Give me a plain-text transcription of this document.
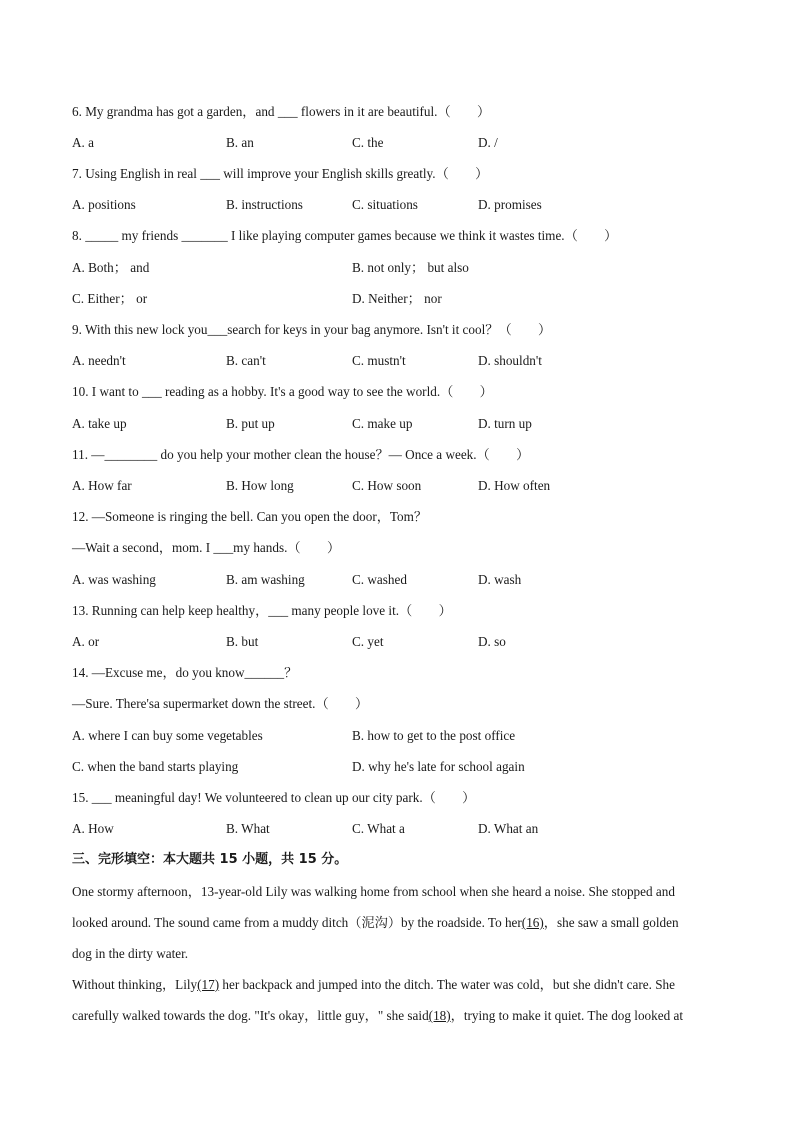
6. My grandma has got a garden，and ___ flowers in it are beautiful.（　　）
A. a	B. an	C. the	D. /
7. Using English in real ___ will improve your English skills greatly.（　　）
A. positions	B. instructions	C. situations	D. promises
8. _____ my friends _______ I like playing computer games because we think it wastes time.（　　）
A. Both； and	B. not only； but also
C. Either； or	D. Neither； nor
9. With this new lock you___search for keys in your bag anymore. Isn't it cool？（　　）
A. needn't	B. can't	C. mustn't	D. shouldn't
10. I want to ___ reading as a hobby. It's a good way to see the world.（　　）
A. take up	B. put up	C. make up	D. turn up
11. —________ do you help your mother clean the house？— Once a week.（　　）
A. How far	B. How long	C. How soon	D. How often
12. —Someone is ringing the bell. Can you open the door，Tom？
—Wait a second，mom. I ___my hands.（　　）
A. was washing	B. am washing	C. washed	D. wash
13. Running can help keep healthy，___ many people love it.（　　）
A. or	B. but	C. yet	D. so
14. —Excuse me，do you know______？
—Sure. There'sa supermarket down the street.（　　）
A. where I can buy some vegetables	B. how to get to the post office
C. when the band starts playing	D. why he's late for school again
15. ___ meaningful day! We volunteered to clean up our city park.（　　）
A. How	B. What	C. What a	D. What an
三、完形填空：本大题共 15 小题，共 15 分。
One stormy afternoon，13-year-old Lily was walking home from school when she heard a noise. She stopped and
looked around. The sound came from a muddy ditch（泥沟）by the roadside. To her(16)，she saw a small golden
dog in the dirty water.
Without thinking，Lily(17) her backpack and jumped into the ditch. The water was cold，but she didn't care. She
carefully walked towards the dog. "It's okay，little guy，" she said(18)，trying to make it quiet. The dog looked at
